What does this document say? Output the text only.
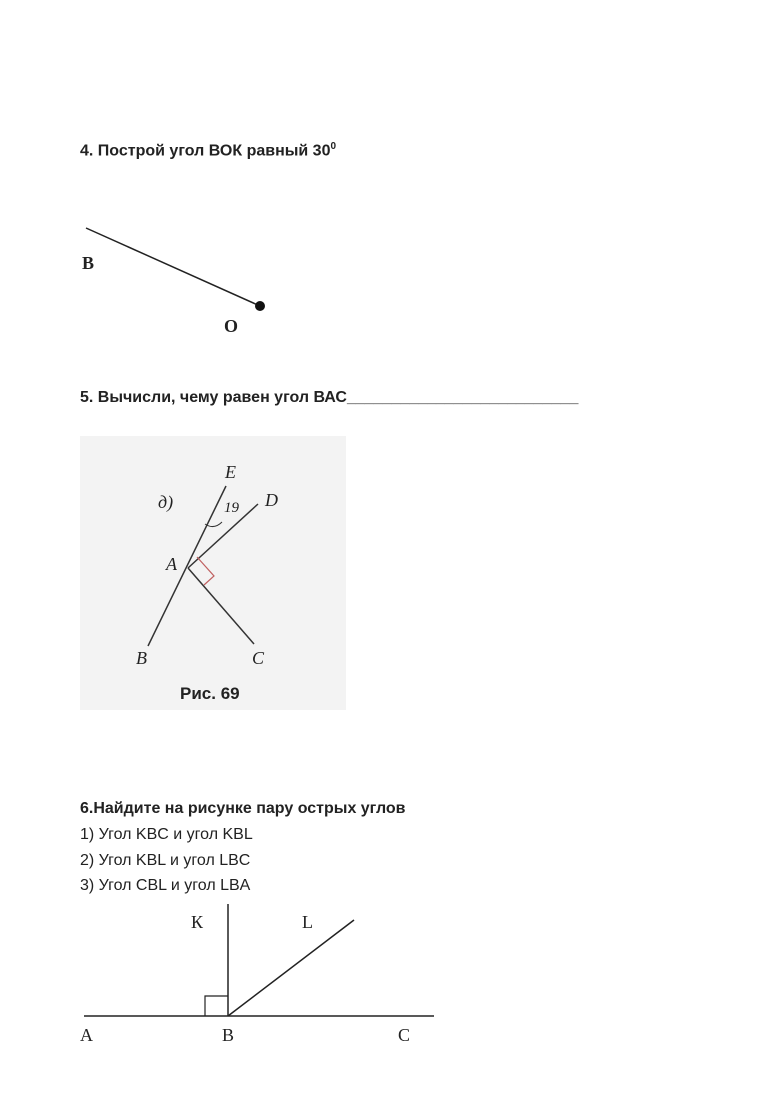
4. Построй угол ВОК равный $30^0$
В
О
5. Вычисли, чему равен угол ВАС__________________________
д)
E
D
19
A
B	C
Рис. 69
6.Найдите на рисунке пару острых углов
1) Угол KBC и угол KBL
2) Угол KBL и угол LBC
3) Угол CBL и угол LBA
К	L
А	В	С
